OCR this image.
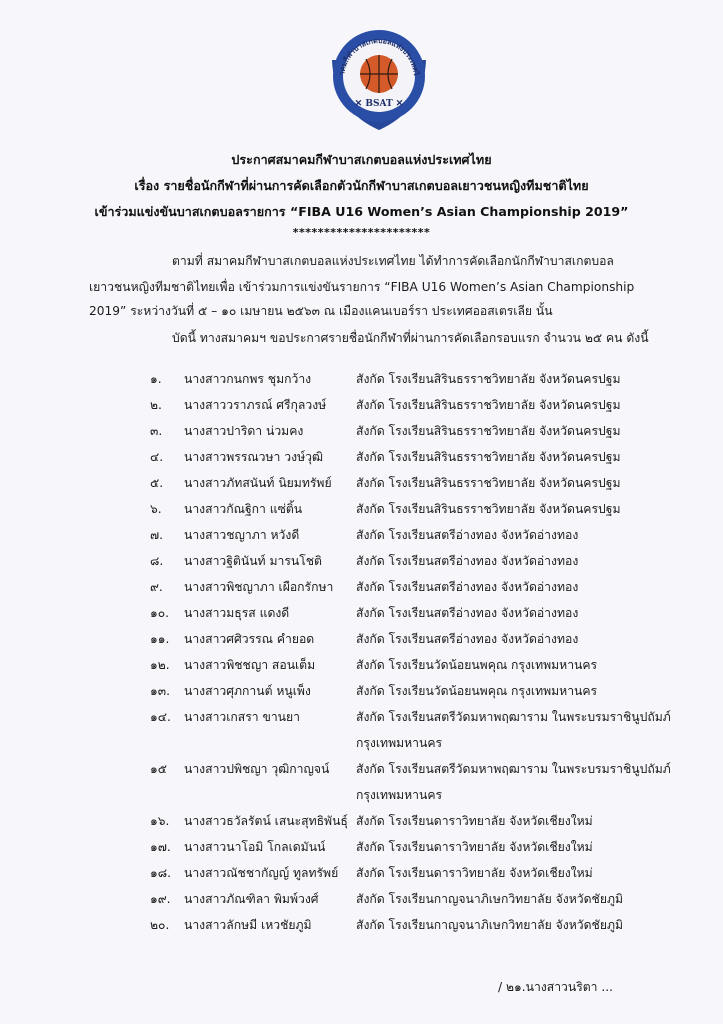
าคมกีฬาบาสเกตบอลแห่งประเทศไ
✕ BSAT ✕
ประกาศสมาคมกีฬาบาสเกตบอลแห่งประเทศไทย
เรื่อง รายชื่อนักกีฬาที่ผ่านการคัดเลือกตัวนักกีฬาบาสเกตบอลเยาวชนหญิงทีมชาติไทย
เข้าร่วมแข่งขันบาสเกตบอลรายการ “FIBA U16 Women’s Asian Championship 2019”
**********************
ตามที่ สมาคมกีฬาบาสเกตบอลแห่งประเทศไทย ได้ทำการคัดเลือกนักกีฬาบาสเกตบอล
เยาวชนหญิงทีมชาติไทยเพื่อ เข้าร่วมการแข่งขันรายการ “FIBA U16 Women’s Asian Championship
2019” ระหว่างวันที่ ๕ – ๑๐ เมษายน ๒๕๖๓ ณ เมืองแคนเบอร์รา ประเทศออสเตรเลีย นั้น
บัดนี้ ทางสมาคมฯ ขอประกาศรายชื่อนักกีฬาที่ผ่านการคัดเลือกรอบแรก จำนวน ๒๕ คน ดังนี้
๑. นางสาวกนกพร ชุมกว้าง	สังกัด โรงเรียนสิรินธรราชวิทยาลัย จังหวัดนครปฐม
๒. นางสาววราภรณ์ ศรีกุลวงษ์ สังกัด โรงเรียนสิรินธรราชวิทยาลัย จังหวัดนครปฐม
๓. นางสาวปาริดา น่วมคง	สังกัด โรงเรียนสิรินธรราชวิทยาลัย จังหวัดนครปฐม
๔. นางสาวพรรณวษา วงษ์วุฒิ	สังกัด โรงเรียนสิรินธรราชวิทยาลัย จังหวัดนครปฐม
๕. นางสาวภัทสนันท์ นิยมทรัพย์ สังกัด โรงเรียนสิรินธรราชวิทยาลัย จังหวัดนครปฐม
๖. นางสาวกัณฐิกา แซ่ติ้น	สังกัด โรงเรียนสิรินธรราชวิทยาลัย จังหวัดนครปฐม
๗. นางสาวชญาภา หวังดี	สังกัด โรงเรียนสตรีอ่างทอง จังหวัดอ่างทอง
๘. นางสาวฐิตินันท์ มารนโชติ	สังกัด โรงเรียนสตรีอ่างทอง จังหวัดอ่างทอง
๙. นางสาวพิชญาภา เผือกรักษา สังกัด โรงเรียนสตรีอ่างทอง จังหวัดอ่างทอง
๑๐. นางสาวมธุรส แดงดี	สังกัด โรงเรียนสตรีอ่างทอง จังหวัดอ่างทอง
๑๑. นางสาวศศิวรรณ คำยอด	สังกัด โรงเรียนสตรีอ่างทอง จังหวัดอ่างทอง
๑๒. นางสาวพิชชญา สอนเต็ม	สังกัด โรงเรียนวัดน้อยนพคุณ กรุงเทพมหานคร
๑๓. นางสาวศุภกานต์ หนูเพ็ง	สังกัด โรงเรียนวัดน้อยนพคุณ กรุงเทพมหานคร
๑๔. นางสาวเกสรา ขานยา	สังกัด โรงเรียนสตรีวัดมหาพฤฒาราม ในพระบรมราชินูปถัมภ์
กรุงเทพมหานคร
๑๕ นางสาวปพิชญา วุฒิกาญจน์ สังกัด โรงเรียนสตรีวัดมหาพฤฒาราม ในพระบรมราชินูปถัมภ์
กรุงเทพมหานคร
๑๖. นางสาวธวัลรัตน์ เสนะสุทธิพันธุ์ สังกัด โรงเรียนดาราวิทยาลัย จังหวัดเชียงใหม่
๑๗. นางสาวนาโอมิ โกลเดมันน์	สังกัด โรงเรียนดาราวิทยาลัย จังหวัดเชียงใหม่
๑๘. นางสาวณัชชากัญญ์ ทูลทรัพย์ สังกัด โรงเรียนดาราวิทยาลัย จังหวัดเชียงใหม่
๑๙. นางสาวภัณฑิลา พิมพ์วงศ์	สังกัด โรงเรียนกาญจนาภิเษกวิทยาลัย จังหวัดชัยภูมิ
๒๐. นางสาวลักษมี เหวชัยภูมิ	สังกัด โรงเรียนกาญจนาภิเษกวิทยาลัย จังหวัดชัยภูมิ
/ ๒๑.นางสาวนริตา ...
